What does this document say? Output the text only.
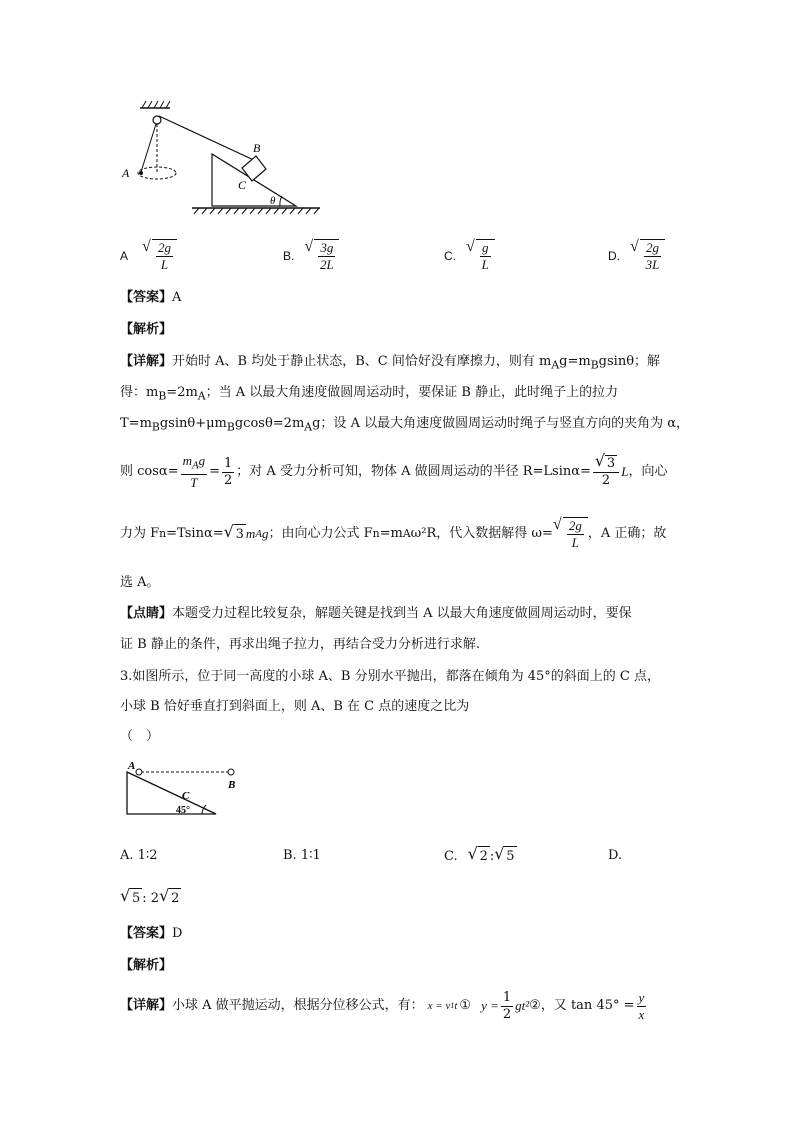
A
B
C
θ
A √ $\frac{2g}{L}$	B. √ $\frac{3g}{2L}$	C. √ $\frac{g}{L}$	D. √ $\frac{2g}{3L}$
【答案】A
【解析】
【详解】开始时 A、B 均处于静止状态，B、C 间恰好没有摩擦力，则有 $m_Ag=m_Bgsin\theta$；解
得：$m_B=2m_A$；当 A 以最大角速度做圆周运动时，要保证 B 静止，此时绳子上的拉力
$T=m_Bgsin\theta+\mu m_Bgcos\theta=2m_Ag$；设 A 以最大角速度做圆周运动时绳子与竖直方向的夹角为 α，
则 $\cos\alpha= \frac{m_Ag}{T} = \frac{1}{2}$ ；对 A 受力分析可知，物体 A 做圆周运动的半径 R=Lsinα= √ $\frac{3}{2}$ L ，向心
力为 F n =Tsinα= √ 3 m A g ；由向心力公式 F n =m A ω²R，代入数据解得 ω= √ $\frac{2g}{L}$ ，A 正确；故
选 A。
【点睛】本题受力过程比较复杂，解题关键是找到当 A 以最大角速度做圆周运动时，要保
证 B 静止的条件，再求出绳子拉力，再结合受力分析进行求解.
3.如图所示，位于同一高度的小球 A、B 分别水平抛出，都落在倾角为 45°的斜面上的 C 点，
小球 B 恰好垂直打到斜面上，则 A、B 在 C 点的速度之比为
（　）
A
B
C
45°
A. 1∶2	B. 1∶1	C.	√ 2 : √ 5	D.
√ 5 : 2 √ 2
【答案】D
【解析】
【详解】 小球 A 做平抛运动，根据分位移公式，有： x = v 1 t ① $y = \frac{1}{2} gt^2$ ② ，又 $\tan 45^\circ = \frac{y}{x}$
